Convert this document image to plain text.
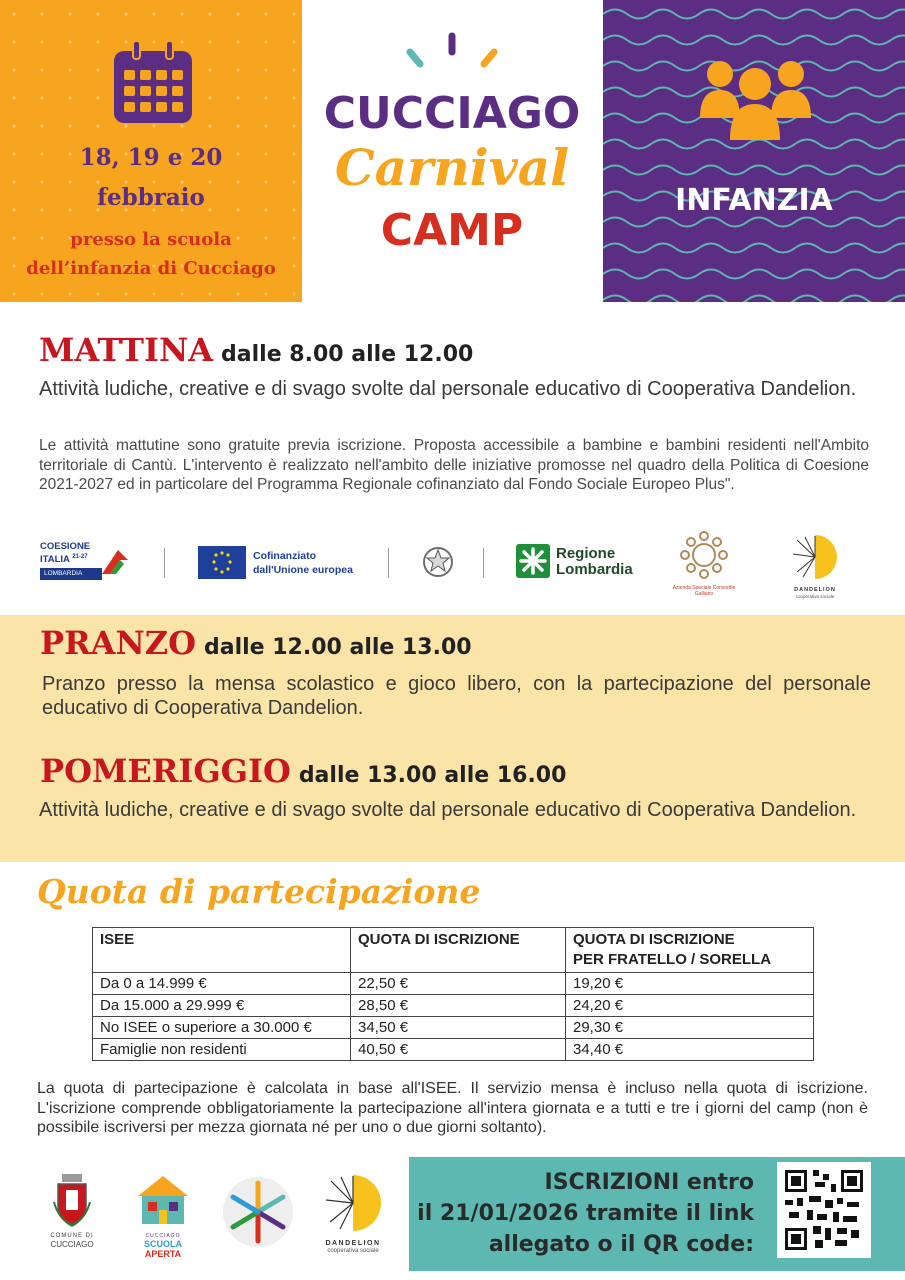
18, 19 e 20
febbraio
presso la scuola
dell’infanzia di Cucciago
CUCCIAGO
Carnival
CAMP
INFANZIA
MATTINA dalle 8.00 alle 12.00
Attività ludiche, creative e di svago svolte dal personale educativo di Cooperativa Dandelion.
Le attività mattutine sono gratuite previa iscrizione. Proposta accessibile a bambine e bambini residenti nell'Ambito territoriale di Cantù. L'intervento è realizzato nell'ambito delle iniziative promosse nel quadro della Politica di Coesione 2021-2027 ed in particolare del Programma Regionale cofinanziato dal Fondo Sociale Europeo Plus".
COESIONE
ITALIA $^{21-27}$
LOMBARDIA
Cofinanziato
dall'Unione europea
Regione
Lombardia
Azienda Speciale Consortile
Galliano
DANDELION
cooperativa sociale
PRANZO dalle 12.00 alle 13.00
Pranzo presso la mensa scolastico e gioco libero, con la partecipazione del personale educativo di Cooperativa Dandelion.
POMERIGGIO dalle 13.00 alle 16.00
Attività ludiche, creative e di svago svolte dal personale educativo di Cooperativa Dandelion.
Quota di partecipazione
ISEE	QUOTA DI ISCRIZIONE	QUOTA DI ISCRIZIONE
PER FRATELLO / SORELLA
Da 0 a 14.999 €	22,50 €	19,20 €
Da 15.000 a 29.999 €	28,50 €	24,20 €
No ISEE o superiore a 30.000 €	34,50 €	29,30 €
Famiglie non residenti	40,50 €	34,40 €
La quota di partecipazione è calcolata in base all'ISEE. Il servizio mensa è incluso nella quota di iscrizione. L'iscrizione comprende obbligatoriamente la partecipazione all'intera giornata e a tutti e tre i giorni del camp (non è possibile iscriversi per mezza giornata né per uno o due giorni soltanto).
COMUNE DI
CUCCIAGO
CUCCIAGO
SCUOLA
APERTA
DANDELION
cooperativa sociale
ISCRIZIONI entro
il 21/01/2026 tramite il link
allegato o il QR code:
